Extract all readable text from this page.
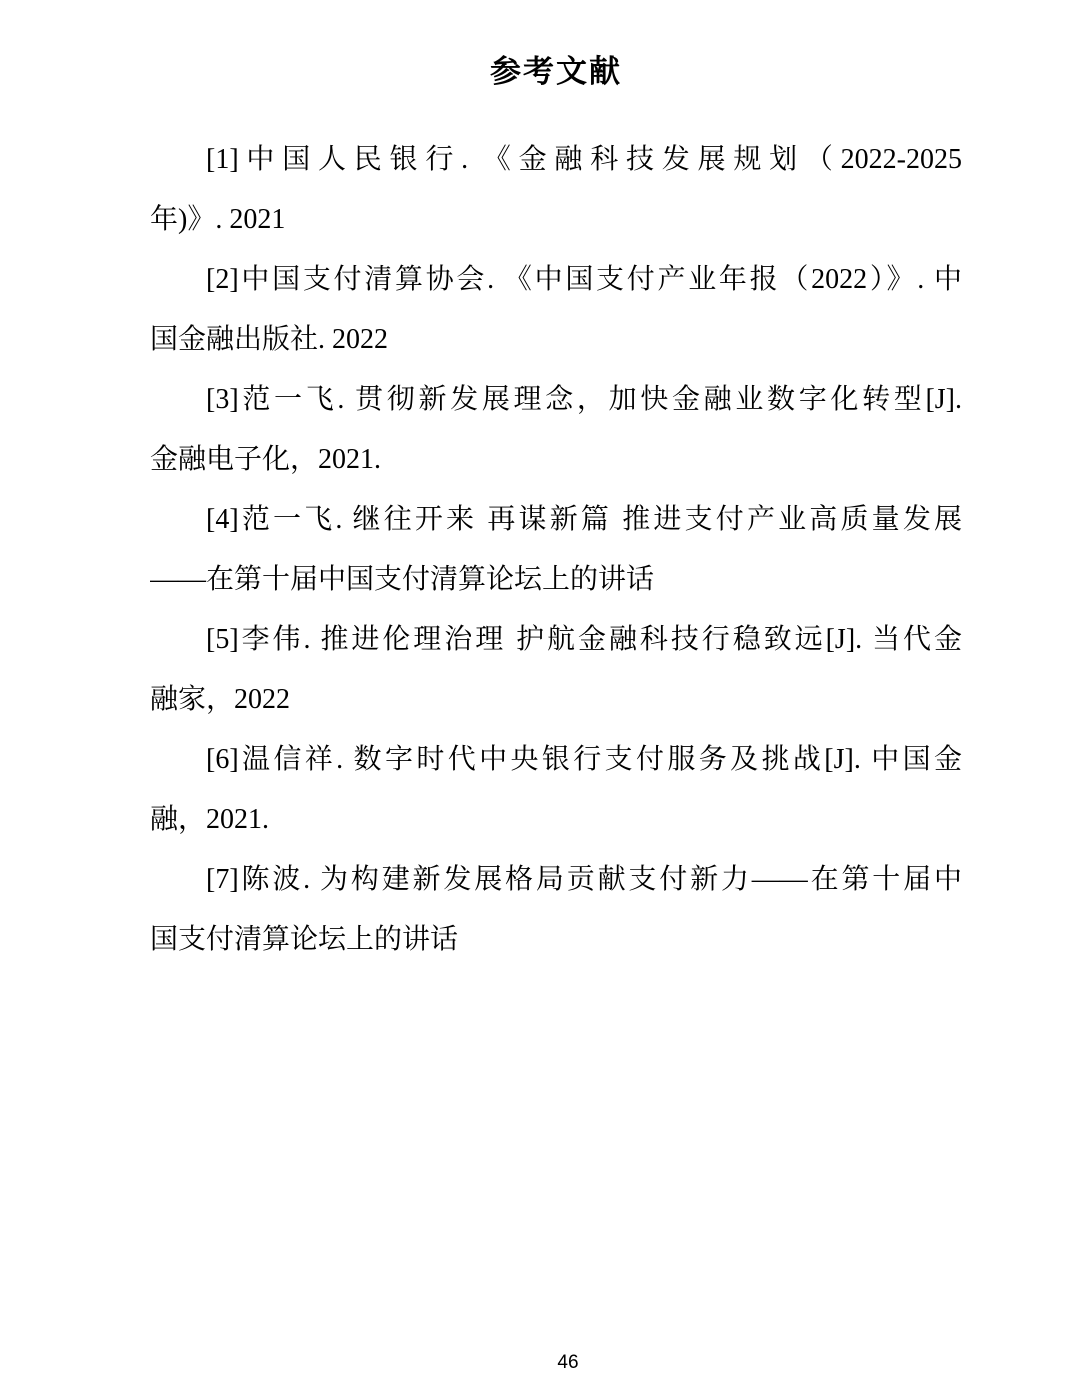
参考文献
[1]中国人民银行. 《金融科技发展规划（2022-2025
年)》. 2021
[2]中国支付清算协会. 《中国支付产业年报（2022）》. 中
国金融出版社. 2022
[3]范一飞. 贯彻新发展理念，加快金融业数字化转型[J].
金融电子化，2021.
[4]范一飞. 继往开来 再谋新篇 推进支付产业高质量发展
——在第十届中国支付清算论坛上的讲话
[5]李伟. 推进伦理治理 护航金融科技行稳致远[J]. 当代金
融家，2022
[6]温信祥. 数字时代中央银行支付服务及挑战[J]. 中国金
融，2021.
[7]陈波. 为构建新发展格局贡献支付新力——在第十届中
国支付清算论坛上的讲话
46
